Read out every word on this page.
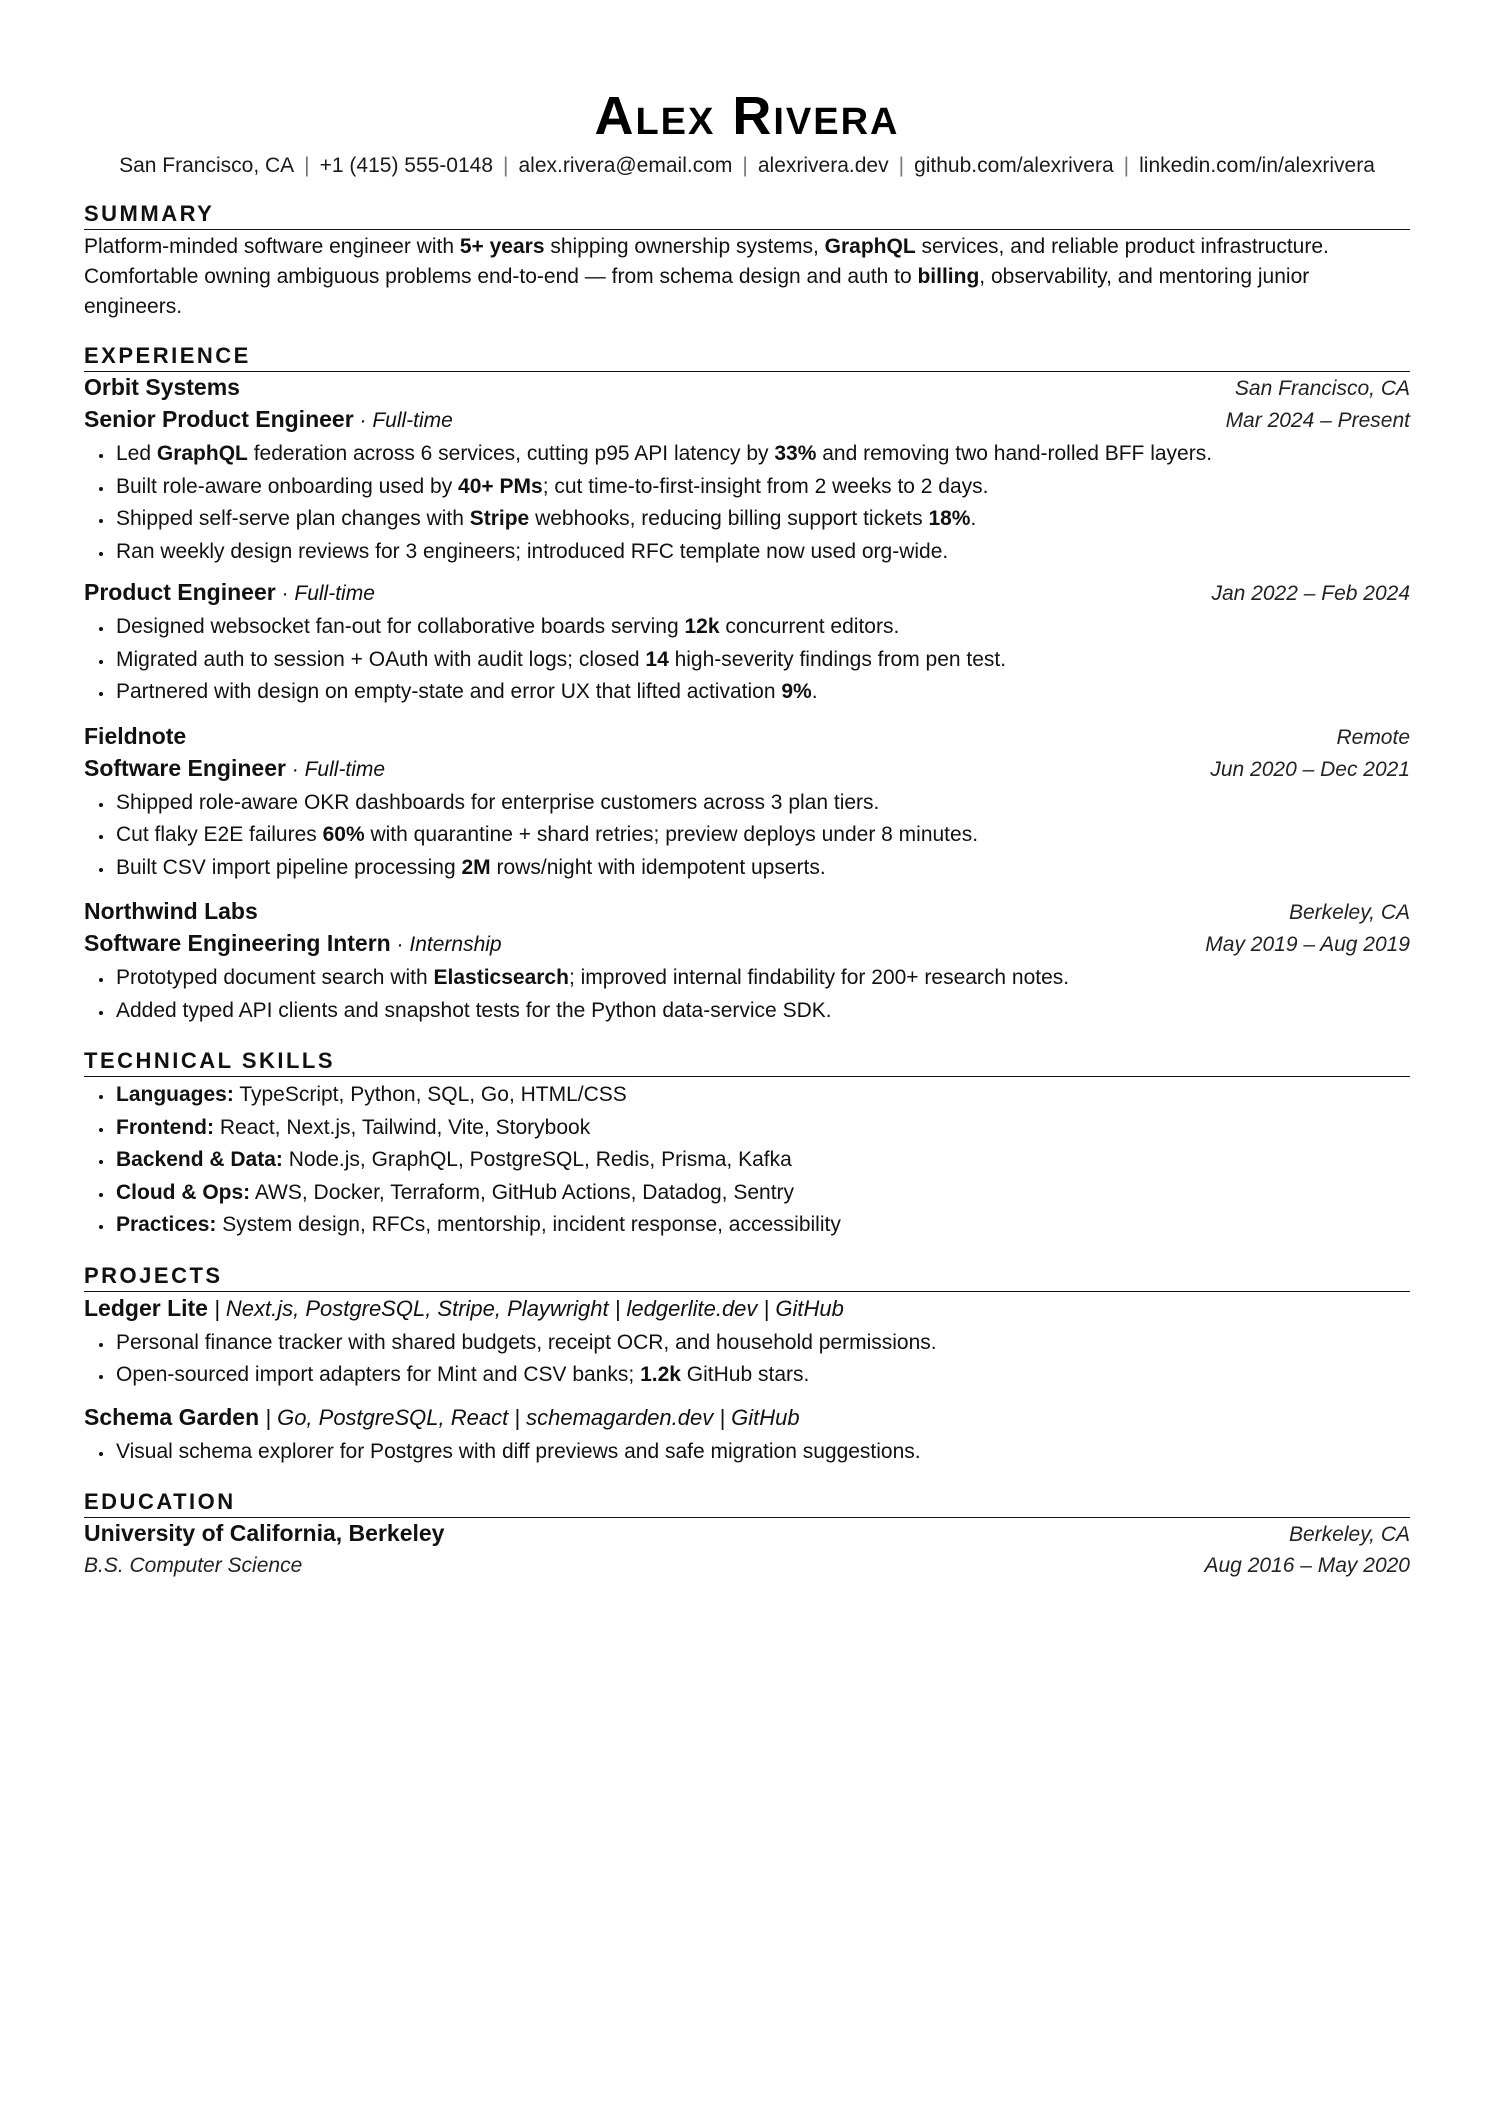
Alex Rivera
San Francisco, CA | +1 (415) 555-0148 | alex.rivera@email.com | alexrivera.dev | github.com/alexrivera | linkedin.com/in/alexrivera
SUMMARY
Platform-minded software engineer with 5+ years shipping ownership systems, GraphQL services, and reliable product infrastructure. Comfortable owning ambiguous problems end-to-end — from schema design and auth to billing, observability, and mentoring junior engineers.
EXPERIENCE
Orbit Systems	San Francisco, CA
Senior Product Engineer · Full-time	Mar 2024 – Present
• Led GraphQL federation across 6 services, cutting p95 API latency by 33% and removing two hand-rolled BFF layers.
• Built role-aware onboarding used by 40+ PMs; cut time-to-first-insight from 2 weeks to 2 days.
• Shipped self-serve plan changes with Stripe webhooks, reducing billing support tickets 18%.
• Ran weekly design reviews for 3 engineers; introduced RFC template now used org-wide.
Product Engineer · Full-time	Jan 2022 – Feb 2024
• Designed websocket fan-out for collaborative boards serving 12k concurrent editors.
• Migrated auth to session + OAuth with audit logs; closed 14 high-severity findings from pen test.
• Partnered with design on empty-state and error UX that lifted activation 9%.
Fieldnote	Remote
Software Engineer · Full-time	Jun 2020 – Dec 2021
• Shipped role-aware OKR dashboards for enterprise customers across 3 plan tiers.
• Cut flaky E2E failures 60% with quarantine + shard retries; preview deploys under 8 minutes.
• Built CSV import pipeline processing 2M rows/night with idempotent upserts.
Northwind Labs	Berkeley, CA
Software Engineering Intern · Internship	May 2019 – Aug 2019
• Prototyped document search with Elasticsearch; improved internal findability for 200+ research notes.
• Added typed API clients and snapshot tests for the Python data-service SDK.
TECHNICAL SKILLS
• Languages: TypeScript, Python, SQL, Go, HTML/CSS
• Frontend: React, Next.js, Tailwind, Vite, Storybook
• Backend & Data: Node.js, GraphQL, PostgreSQL, Redis, Prisma, Kafka
• Cloud & Ops: AWS, Docker, Terraform, GitHub Actions, Datadog, Sentry
• Practices: System design, RFCs, mentorship, incident response, accessibility
PROJECTS
Ledger Lite | Next.js, PostgreSQL, Stripe, Playwright | ledgerlite.dev | GitHub
• Personal finance tracker with shared budgets, receipt OCR, and household permissions.
• Open-sourced import adapters for Mint and CSV banks; 1.2k GitHub stars.
Schema Garden | Go, PostgreSQL, React | schemagarden.dev | GitHub
• Visual schema explorer for Postgres with diff previews and safe migration suggestions.
EDUCATION
University of California, Berkeley	Berkeley, CA
B.S. Computer Science	Aug 2016 – May 2020
